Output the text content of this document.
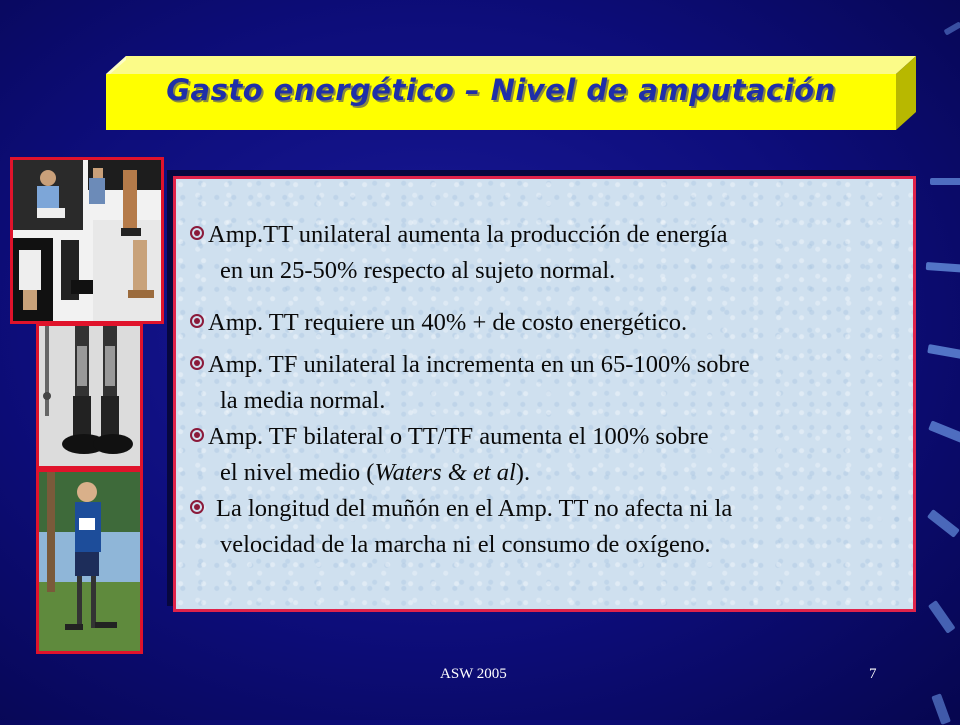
Gasto energético – Nivel de amputación
Amp.TT unilateral aumenta la producción de energía
en un 25-50% respecto al sujeto normal.
Amp. TT requiere un 40% + de costo energético.
Amp. TF unilateral la incrementa en un 65-100% sobre
la media normal.
Amp. TF bilateral o TT/TF aumenta el 100% sobre
el nivel medio (Waters & et al).
La longitud del muñón en el Amp. TT no afecta ni la
velocidad de la marcha ni el consumo de oxígeno.
ASW 2005	7
